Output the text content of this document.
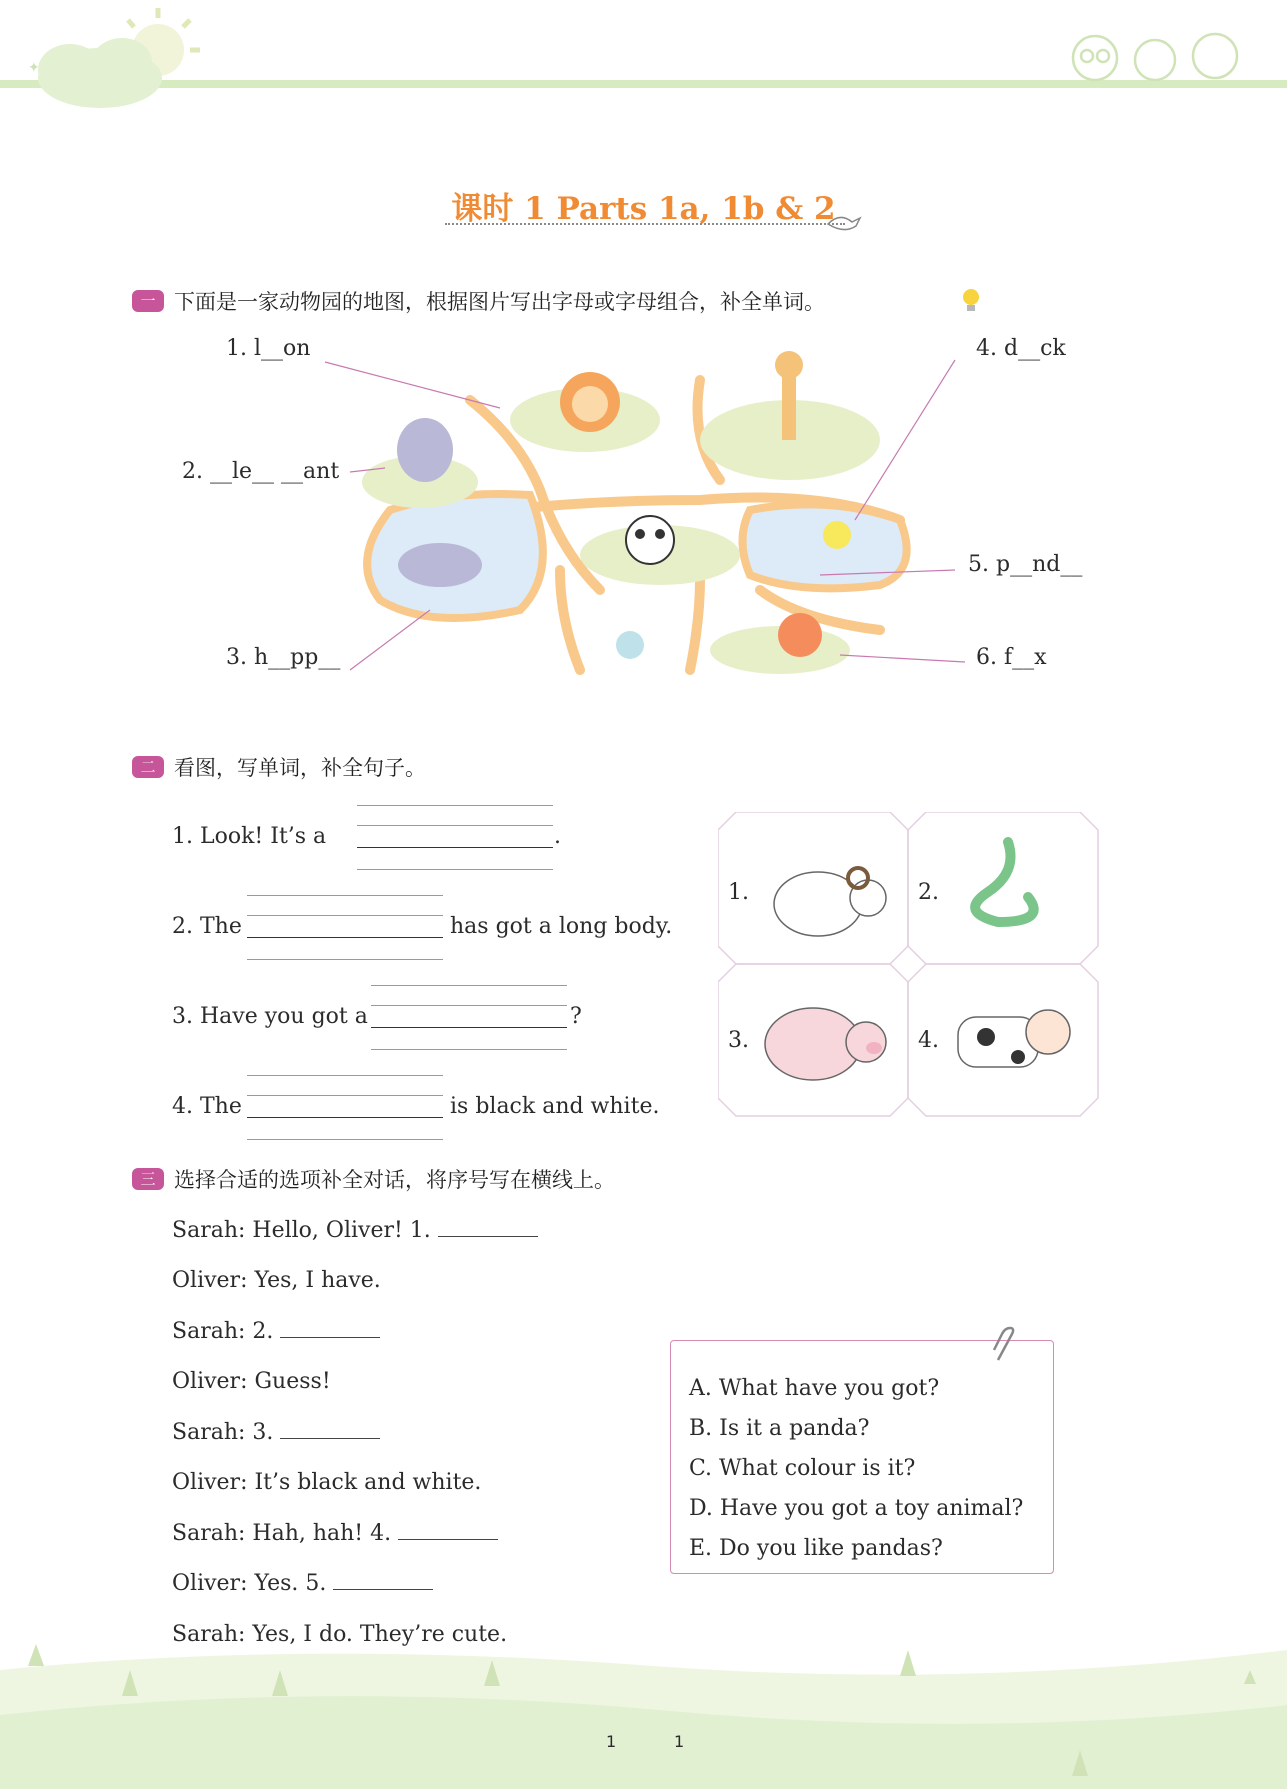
✦
课时 1 Parts 1a, 1b & 2
一 下面是一家动物园的地图，根据图片写出字母或字母组合，补全单词。
1. l__on
2. __le__ __ant
3. h__pp__
4. d__ck
5. p__nd__
6. f__x
二 看图，写单词，补全句子。
1. Look! It’s a	.
2. The	has got a long body.
3. Have you got a	?
4. The	is black and white.
1.	2.
3.	4.
三 选择合适的选项补全对话，将序号写在横线上。
Sarah: Hello, Oliver! 1.
Oliver: Yes, I have.
Sarah: 2.
Oliver: Guess!
Sarah: 3.
Oliver: It’s black and white.
Sarah: Hah, hah! 4.
Oliver: Yes. 5.
Sarah: Yes, I do. They’re cute.
A. What have you got?
B. Is it a panda?
C. What colour is it?
D. Have you got a toy animal?
E. Do you like pandas?
1	1
